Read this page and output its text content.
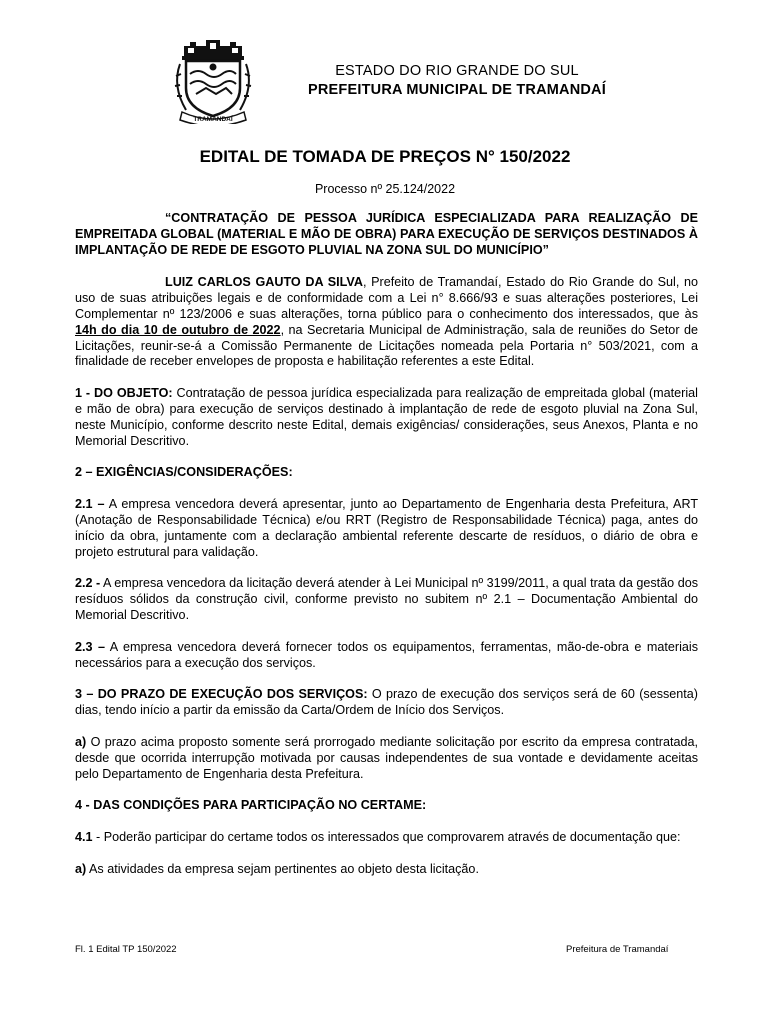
TRAMANDAÍ
ESTADO DO RIO GRANDE DO SUL
PREFEITURA MUNICIPAL DE TRAMANDAÍ
EDITAL DE TOMADA DE PREÇOS N° 150/2022
Processo nº 25.124/2022

“CONTRATAÇÃO DE PESSOA JURÍDICA ESPECIALIZADA PARA REALIZAÇÃO DE EMPREITADA GLOBAL (MATERIAL E MÃO DE OBRA) PARA EXECUÇÃO DE SERVIÇOS DESTINADOS À IMPLANTAÇÃO DE REDE DE ESGOTO PLUVIAL NA ZONA SUL DO MUNICÍPIO”

LUIZ CARLOS GAUTO DA SILVA, Prefeito de Tramandaí, Estado do Rio Grande do Sul, no uso de suas atribuições legais e de conformidade com a Lei n° 8.666/93 e suas alterações posteriores, Lei Complementar nº 123/2006 e suas alterações, torna público para o conhecimento dos interessados, que às 14h do dia 10 de outubro de 2022, na Secretaria Municipal de Administração, sala de reuniões do Setor de Licitações, reunir-se-á a Comissão Permanente de Licitações nomeada pela Portaria n° 503/2021, com a finalidade de receber envelopes de proposta e habilitação referentes a este Edital.

1 - DO OBJETO: Contratação de pessoa jurídica especializada para realização de empreitada global (material e mão de obra) para execução de serviços destinado à implantação de rede de esgoto pluvial na Zona Sul, neste Município, conforme descrito neste Edital, demais exigências/ considerações, seus Anexos, Planta e no Memorial Descritivo.

2 – EXIGÊNCIAS/CONSIDERAÇÕES:

2.1 – A empresa vencedora deverá apresentar, junto ao Departamento de Engenharia desta Prefeitura, ART (Anotação de Responsabilidade Técnica) e/ou RRT (Registro de Responsabilidade Técnica) paga, antes do início da obra, juntamente com a declaração ambiental referente descarte de resíduos, o diário de obra e projeto estrutural para validação.

2.2 - A empresa vencedora da licitação deverá atender à Lei Municipal nº 3199/2011, a qual trata da gestão dos resíduos sólidos da construção civil, conforme previsto no subitem nº 2.1 – Documentação Ambiental do Memorial Descritivo.

2.3 – A empresa vencedora deverá fornecer todos os equipamentos, ferramentas, mão-de-obra e materiais necessários para a execução dos serviços.

3 – DO PRAZO DE EXECUÇÃO DOS SERVIÇOS: O prazo de execução dos serviços será de 60 (sessenta) dias, tendo início a partir da emissão da Carta/Ordem de Início dos Serviços.

a) O prazo acima proposto somente será prorrogado mediante solicitação por escrito da empresa contratada, desde que ocorrida interrupção motivada por causas independentes de sua vontade e devidamente aceitas pelo Departamento de Engenharia desta Prefeitura.

4 - DAS CONDIÇÕES PARA PARTICIPAÇÃO NO CERTAME:

4.1 - Poderão participar do certame todos os interessados que comprovarem através de documentação que:

a) As atividades da empresa sejam pertinentes ao objeto desta licitação.

Fl. 1 Edital TP 150/2022	Prefeitura de Tramandaí
